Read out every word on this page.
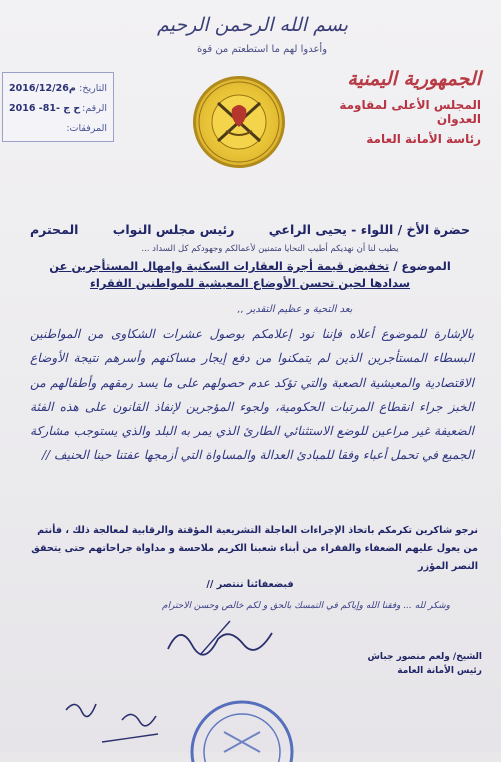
بسم الله الرحمن الرحيم
وأعدوا لهم ما استطعتم من قوة
الجمهورية اليمنية
المجلس الأعلى لمقاومة العدوان
رئاسة الأمانة العامة
التاريخ:
2016/12/26م
الرقم:
ح ج -81- 2016
المرفقات:
حضرة الأخ / اللواء - يحيى الراعي
رئيس مجلس النواب
المحترم
يطيب لنا أن نهديكم أطيب التحايا متمنين لأعمالكم وجهودكم كل السداد ...
الموضوع / تخفيض قيمة أجرة العقارات السكنية وإمهال المستأجرين عن سدادها لحين تحسن الأوضاع المعيشية للمواطنين الفقراء
بعد التحية و عظيم التقدير ,,
بالإشارة للموضوع أعلاه فإننا نود إعلامكم بوصول عشرات الشكاوى من المواطنين البسطاء المستأجرين الذين لم يتمكنوا من دفع إيجار مساكنهم وأسرهم نتيجة الأوضاع الاقتصادية والمعيشية الصعبة والتي تؤكد عدم حصولهم على ما يسد رمقهم وأطفالهم من الخبز جراء انقطاع المرتبات الحكومية، ولجوء المؤجرين لإنفاذ القانون على هذه الفئة الضعيفة غير مراعين للوضع الاستثنائي الطارئ الذي يمر به البلد والذي يستوجب مشاركة الجميع في تحمل أعباء وفقا للمبادئ العدالة والمساواة التي أزمجها عفتنا حينا الحنيف //
نرجو شاكرين تكرمكم باتخاذ الإجراءات العاجلة التشريعية المؤقتة والرقابية لمعالجة ذلك ، فأنتم من يعول عليهم الضعفاء والفقراء من أبناء شعبنا الكريم ملاحسة و مداواة جراحاتهم حتى يتحقق النصر المؤزر
فبضعفائنا ننتصر //
وشكر لله ... وفقنا الله وإياكم في التمسك بالحق و لكم خالص وحسن الاحترام
الشيخ/ ولعم منصور جباش
رئيس الأمانة العامة
